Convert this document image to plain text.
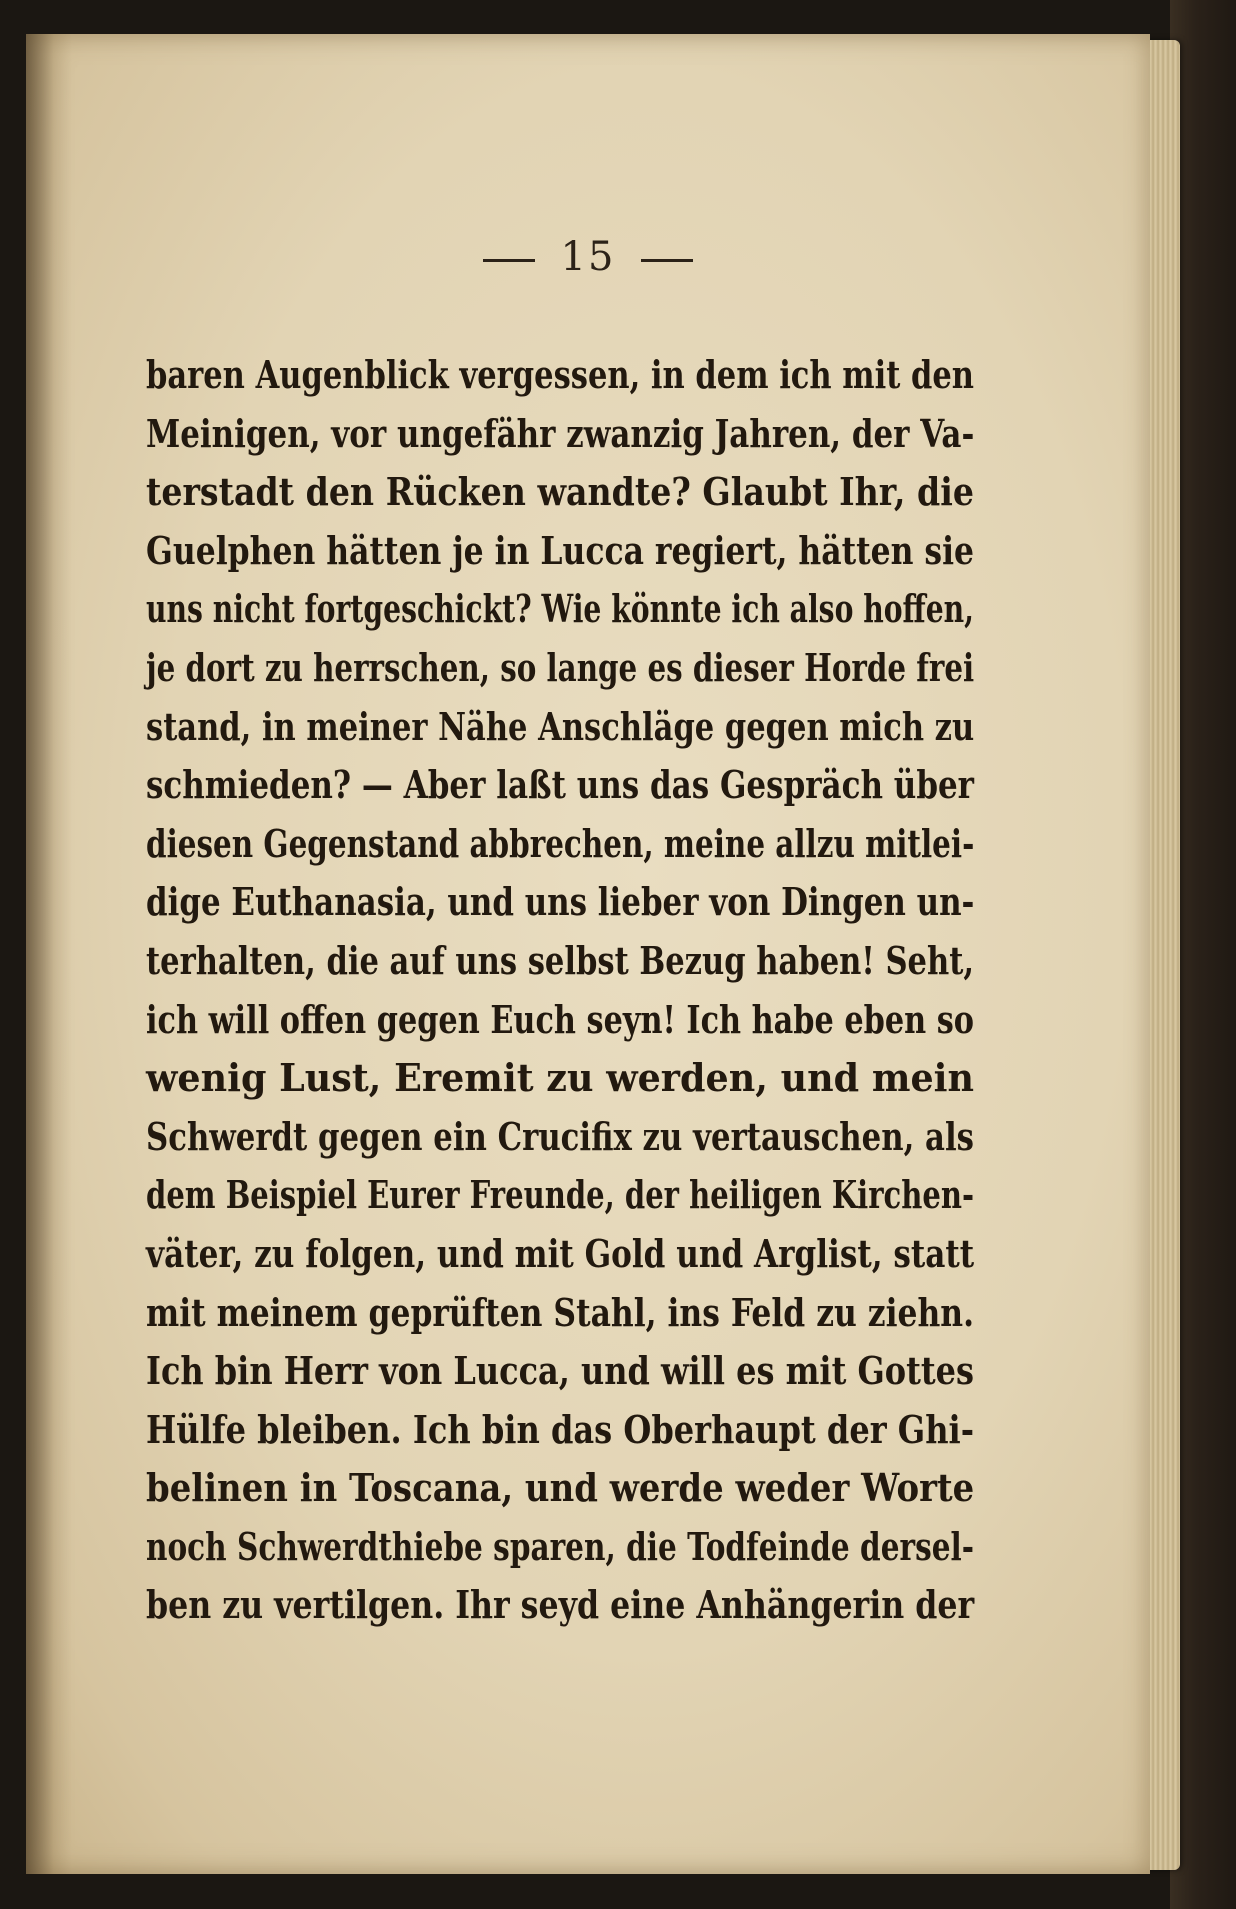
15
baren Augenblick vergessen, in dem ich mit den
Meinigen, vor ungefähr zwanzig Jahren, der Va-
terstadt den Rücken wandte? Glaubt Ihr, die
Guelphen hätten je in Lucca regiert, hätten sie
uns nicht fortgeschickt? Wie könnte ich also hoffen,
je dort zu herrschen, so lange es dieser Horde frei
stand, in meiner Nähe Anschläge gegen mich zu
schmieden? — Aber laßt uns das Gespräch über
diesen Gegenstand abbrechen, meine allzu mitlei-
dige Euthanasia, und uns lieber von Dingen un-
terhalten, die auf uns selbst Bezug haben! Seht,
ich will offen gegen Euch seyn! Ich habe eben so
wenig Lust, Eremit zu werden, und mein
Schwerdt gegen ein Crucifix zu vertauschen, als
dem Beispiel Eurer Freunde, der heiligen Kirchen-
väter, zu folgen, und mit Gold und Arglist, statt
mit meinem geprüften Stahl, ins Feld zu ziehn.
Ich bin Herr von Lucca, und will es mit Gottes
Hülfe bleiben. Ich bin das Oberhaupt der Ghi-
belinen in Toscana, und werde weder Worte
noch Schwerdthiebe sparen, die Todfeinde dersel-
ben zu vertilgen. Ihr seyd eine Anhängerin der
